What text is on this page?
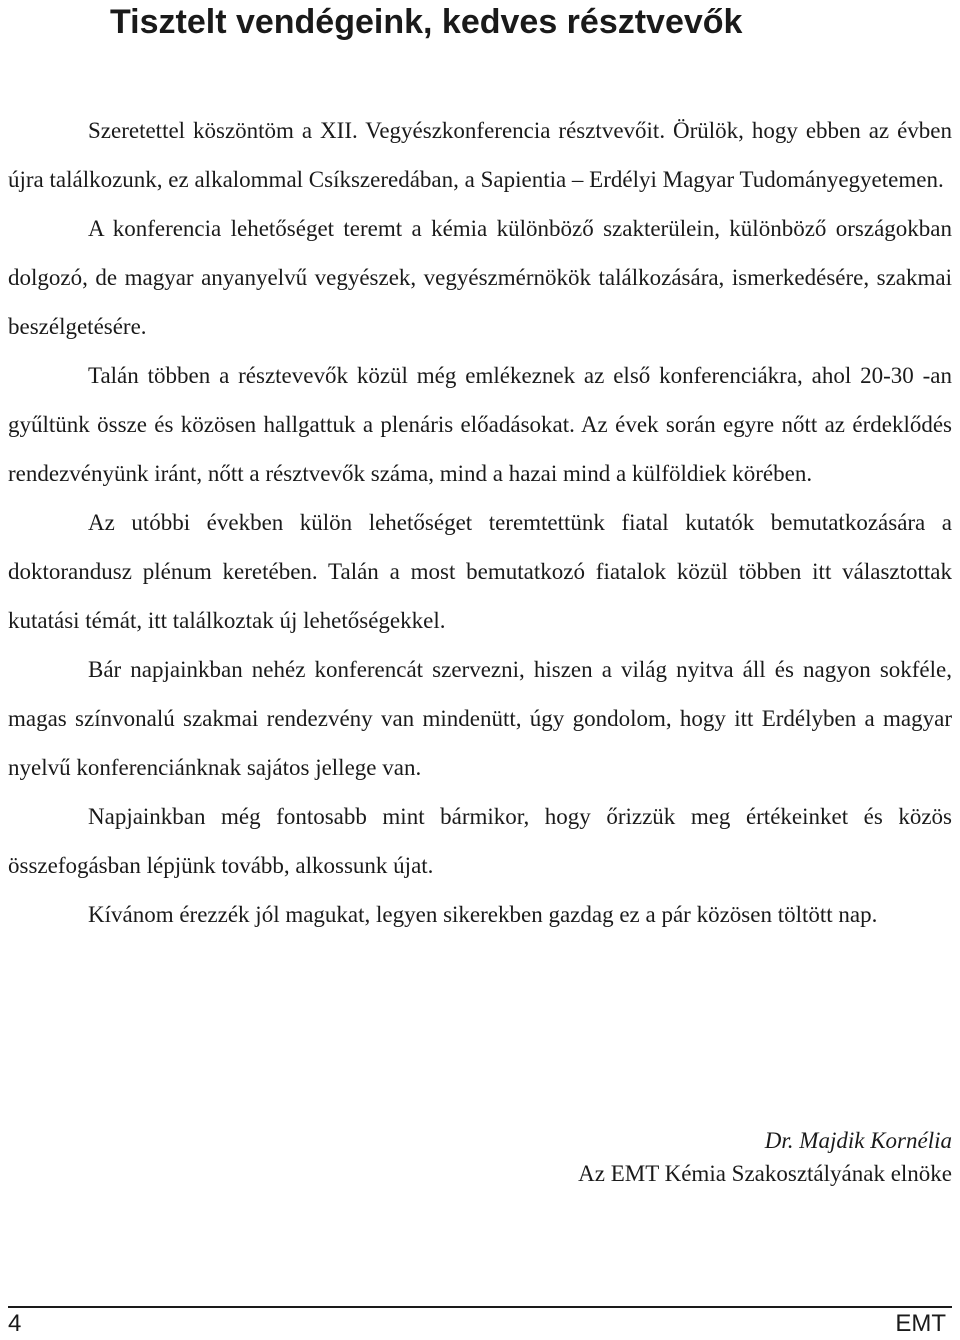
Tisztelt vendégeink, kedves résztvevők

Szeretettel köszöntöm a XII. Vegyészkonferencia résztvevőit. Örülök, hogy ebben az évben újra találkozunk, ez alkalommal Csíkszeredában, a Sapientia – Erdélyi Magyar Tudományegyetemen.

A konferencia lehetőséget teremt a kémia különböző szakterülein, különböző országokban dolgozó, de magyar anyanyelvű vegyészek, vegyészmérnökök találkozására, ismerkedésére, szakmai beszélgetésére.

Talán többen a résztevevők közül még emlékeznek az első konferenciákra, ahol 20-30 -an gyűltünk össze és közösen hallgattuk a plenáris előadásokat. Az évek során egyre nőtt az érdeklődés rendezvényünk iránt, nőtt a résztvevők száma, mind a hazai mind a külföldiek körében.

Az utóbbi években külön lehetőséget teremtettünk fiatal kutatók bemutatkozására a doktorandusz plénum keretében. Talán a most bemutatkozó fiatalok közül többen itt választottak kutatási témát, itt találkoztak új lehetőségekkel.

Bár napjainkban nehéz konferencát szervezni, hiszen a világ nyitva áll és nagyon sokféle, magas színvonalú szakmai rendezvény van mindenütt, úgy gondolom, hogy itt Erdélyben a magyar nyelvű konferenciánknak sajátos jellege van.

Napjainkban még fontosabb mint bármikor, hogy őrizzük meg értékeinket és közös összefogásban lépjünk tovább, alkossunk újat.

Kívánom érezzék jól magukat, legyen sikerekben gazdag ez a pár közösen töltött nap.

Dr. Majdik Kornélia
Az EMT Kémia Szakosztályának elnöke
4	EMT
